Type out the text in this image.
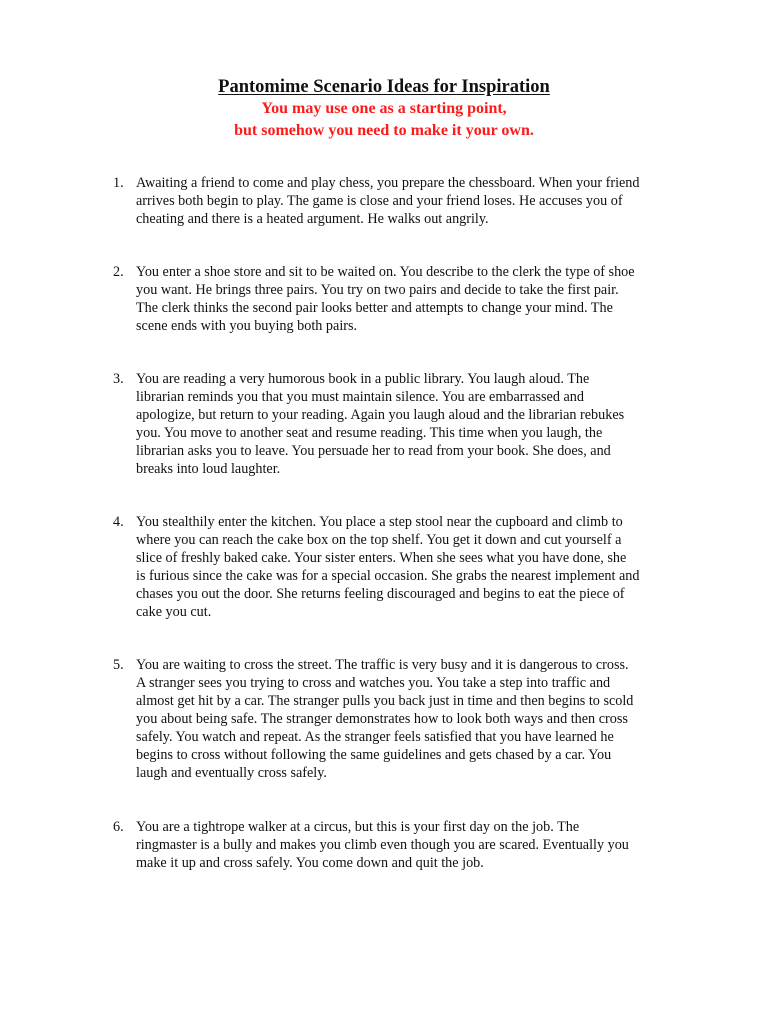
Pantomime Scenario Ideas for Inspiration

You may use one as a starting point,

but somehow you need to make it your own.

1. Awaiting a friend to come and play chess, you prepare the chessboard. When your friend
arrives both begin to play. The game is close and your friend loses. He accuses you of
cheating and there is a heated argument. He walks out angrily.
2. You enter a shoe store and sit to be waited on. You describe to the clerk the type of shoe
you want. He brings three pairs. You try on two pairs and decide to take the first pair.
The clerk thinks the second pair looks better and attempts to change your mind. The
scene ends with you buying both pairs.
3. You are reading a very humorous book in a public library. You laugh aloud. The
librarian reminds you that you must maintain silence. You are embarrassed and
apologize, but return to your reading. Again you laugh aloud and the librarian rebukes
you. You move to another seat and resume reading. This time when you laugh, the
librarian asks you to leave. You persuade her to read from your book. She does, and
breaks into loud laughter.
4. You stealthily enter the kitchen. You place a step stool near the cupboard and climb to
where you can reach the cake box on the top shelf. You get it down and cut yourself a
slice of freshly baked cake. Your sister enters. When she sees what you have done, she
is furious since the cake was for a special occasion. She grabs the nearest implement and
chases you out the door. She returns feeling discouraged and begins to eat the piece of
cake you cut.
5. You are waiting to cross the street. The traffic is very busy and it is dangerous to cross.
A stranger sees you trying to cross and watches you. You take a step into traffic and
almost get hit by a car. The stranger pulls you back just in time and then begins to scold
you about being safe. The stranger demonstrates how to look both ways and then cross
safely. You watch and repeat. As the stranger feels satisfied that you have learned he
begins to cross without following the same guidelines and gets chased by a car. You
laugh and eventually cross safely.
6. You are a tightrope walker at a circus, but this is your first day on the job. The
ringmaster is a bully and makes you climb even though you are scared. Eventually you
make it up and cross safely. You come down and quit the job.
